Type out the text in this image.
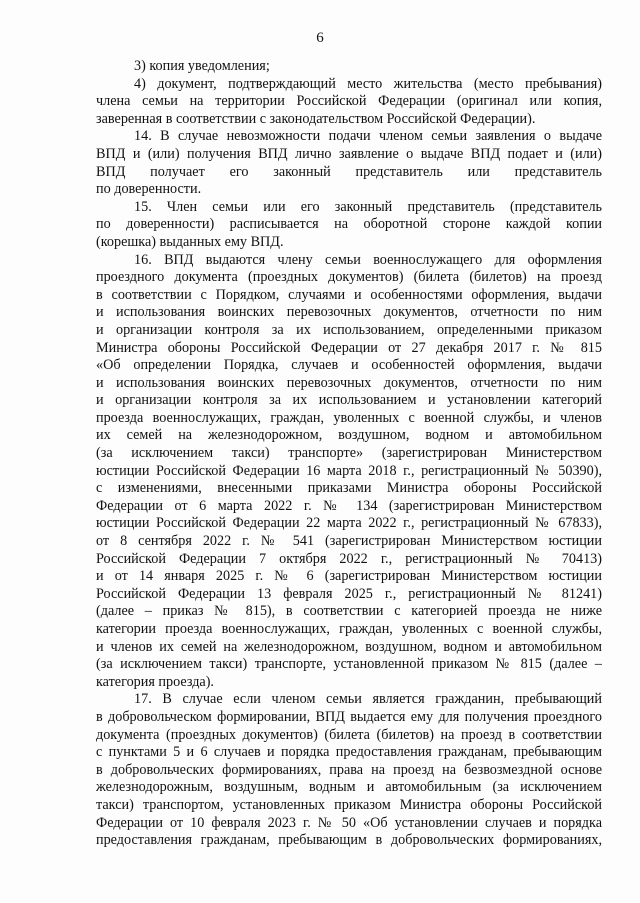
6
3) копия уведомления;
4) документ, подтверждающий место жительства (место пребывания)
члена семьи на территории Российской Федерации (оригинал или копия,
заверенная в соответствии с законодательством Российской Федерации).
14. В случае невозможности подачи членом семьи заявления о выдаче
ВПД и (или) получения ВПД лично заявление о выдаче ВПД подает и (или)
ВПД получает его законный представитель или представитель
по доверенности.
15. Член семьи или его законный представитель (представитель
по доверенности) расписывается на оборотной стороне каждой копии
(корешка) выданных ему ВПД.
16. ВПД выдаются члену семьи военнослужащего для оформления
проездного документа (проездных документов) (билета (билетов) на проезд
в соответствии с Порядком, случаями и особенностями оформления, выдачи
и использования воинских перевозочных документов, отчетности по ним
и организации контроля за их использованием, определенными приказом
Министра обороны Российской Федерации от 27 декабря 2017 г. № 815
«Об определении Порядка, случаев и особенностей оформления, выдачи
и использования воинских перевозочных документов, отчетности по ним
и организации контроля за их использованием и установлении категорий
проезда военнослужащих, граждан, уволенных с военной службы, и членов
их семей на железнодорожном, воздушном, водном и автомобильном
(за исключением такси) транспорте» (зарегистрирован Министерством
юстиции Российской Федерации 16 марта 2018 г., регистрационный № 50390),
с изменениями, внесенными приказами Министра обороны Российской
Федерации от 6 марта 2022 г. № 134 (зарегистрирован Министерством
юстиции Российской Федерации 22 марта 2022 г., регистрационный № 67833),
от 8 сентября 2022 г. № 541 (зарегистрирован Министерством юстиции
Российской Федерации 7 октября 2022 г., регистрационный № 70413)
и от 14 января 2025 г. № 6 (зарегистрирован Министерством юстиции
Российской Федерации 13 февраля 2025 г., регистрационный № 81241)
(далее – приказ № 815), в соответствии с категорией проезда не ниже
категории проезда военнослужащих, граждан, уволенных с военной службы,
и членов их семей на железнодорожном, воздушном, водном и автомобильном
(за исключением такси) транспорте, установленной приказом № 815 (далее –
категория проезда).
17. В случае если членом семьи является гражданин, пребывающий
в добровольческом формировании, ВПД выдается ему для получения проездного
документа (проездных документов) (билета (билетов) на проезд в соответствии
с пунктами 5 и 6 случаев и порядка предоставления гражданам, пребывающим
в добровольческих формированиях, права на проезд на безвозмездной основе
железнодорожным, воздушным, водным и автомобильным (за исключением
такси) транспортом, установленных приказом Министра обороны Российской
Федерации от 10 февраля 2023 г. № 50 «Об установлении случаев и порядка
предоставления гражданам, пребывающим в добровольческих формированиях,
